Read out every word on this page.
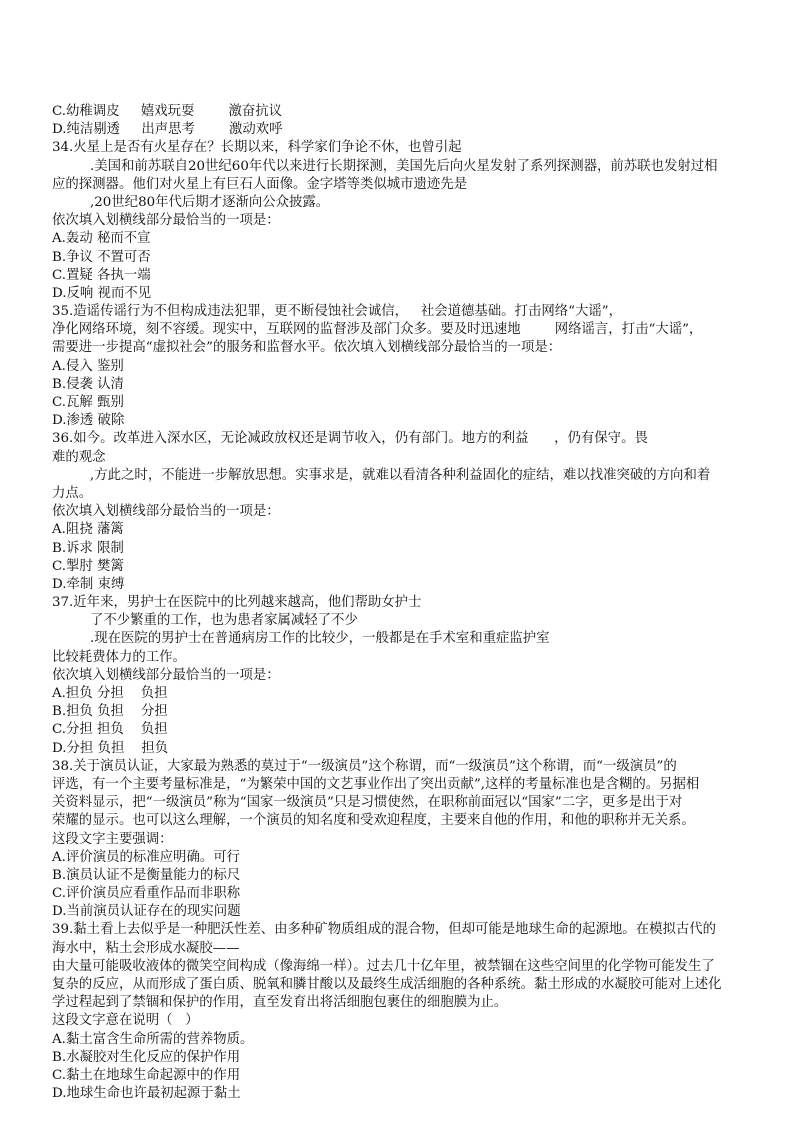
C.幼稚调皮     嬉戏玩耍        激奋抗议
D.纯洁剔透     出声思考        激动欢呼
34.火星上是否有火星存在？长期以来，科学家们争论不休，也曾引起
.美国和前苏联自20世纪60年代以来进行长期探测，美国先后向火星发射了系列探测器，前苏联也发射过相
应的探测器。他们对火星上有巨石人面像。金字塔等类似城市遗迹先是
,20世纪80年代后期才逐渐向公众披露。
依次填入划横线部分最恰当的一项是：
A.轰动 秘而不宣
B.争议 不置可否
C.置疑 各执一端
D.反响 视而不见
35.造谣传谣行为不但构成违法犯罪，更不断侵蚀社会诚信，   社会道德基础。打击网络“大谣”，
净化网络环境，刻不容缓。现实中，互联网的监督涉及部门众多。要及时迅速地        网络谣言，打击“大谣”，
需要进一步提高“虚拟社会”的服务和监督水平。依次填入划横线部分最恰当的一项是：
A.侵入 鉴别
B.侵袭 认清
C.瓦解 甄别
D.渗透 破除
36.如今。改革进入深水区，无论减政放权还是调节收入，仍有部门。地方的利益      ，仍有保守。畏
难的观念
,方此之时，不能进一步解放思想。实事求是，就难以看清各种利益固化的症结，难以找准突破的方向和着
力点。
依次填入划横线部分最恰当的一项是：
A.阻挠 藩篱
B.诉求 限制
C.掣肘 樊篱
D.牵制 束缚
37.近年来，男护士在医院中的比列越来越高，他们帮助女护士
了不少繁重的工作，也为患者家属减轻了不少
.现在医院的男护士在普通病房工作的比较少，一般都是在手术室和重症监护室
比较耗费体力的工作。
依次填入划横线部分最恰当的一项是：
A.担负 分担    负担
B.担负 负担    分担
C.分担 担负    负担
D.分担 负担    担负
38.关于演员认证，大家最为熟悉的莫过于“一级演员”这个称谓，而“一级演员”这个称谓，而“一级演员”的
评选，有一个主要考量标准是，“为繁荣中国的文艺事业作出了突出贡献”,这样的考量标准也是含糊的。另据相
关资料显示，把“一级演员”称为“国家一级演员”只是习惯使然，在职称前面冠以“国家”二字，更多是出于对
荣耀的显示。也可以这么理解，一个演员的知名度和受欢迎程度，主要来自他的作用，和他的职称并无关系。
这段文字主要强调：
A.评价演员的标准应明确。可行
B.演员认证不是衡量能力的标尺
C.评价演员应看重作品而非职称
D.当前演员认证存在的现实问题
39.黏土看上去似乎是一种肥沃性差、由多种矿物质组成的混合物，但却可能是地球生命的起源地。在模拟古代的
海水中，粘土会形成水凝胶——
由大量可能吸收液体的微笑空间构成（像海绵一样）。过去几十亿年里，被禁锢在这些空间里的化学物可能发生了
复杂的反应，从而形成了蛋白质、脱氧和膦甘酸以及最终生成活细胞的各种系统。黏土形成的水凝胶可能对上述化
学过程起到了禁锢和保护的作用，直至发育出将活细胞包裹住的细胞膜为止。
这段文字意在说明（   ）
A.黏土富含生命所需的营养物质。
B.水凝胶对生化反应的保护作用
C.黏土在地球生命起源中的作用
D.地球生命也许最初起源于黏土
